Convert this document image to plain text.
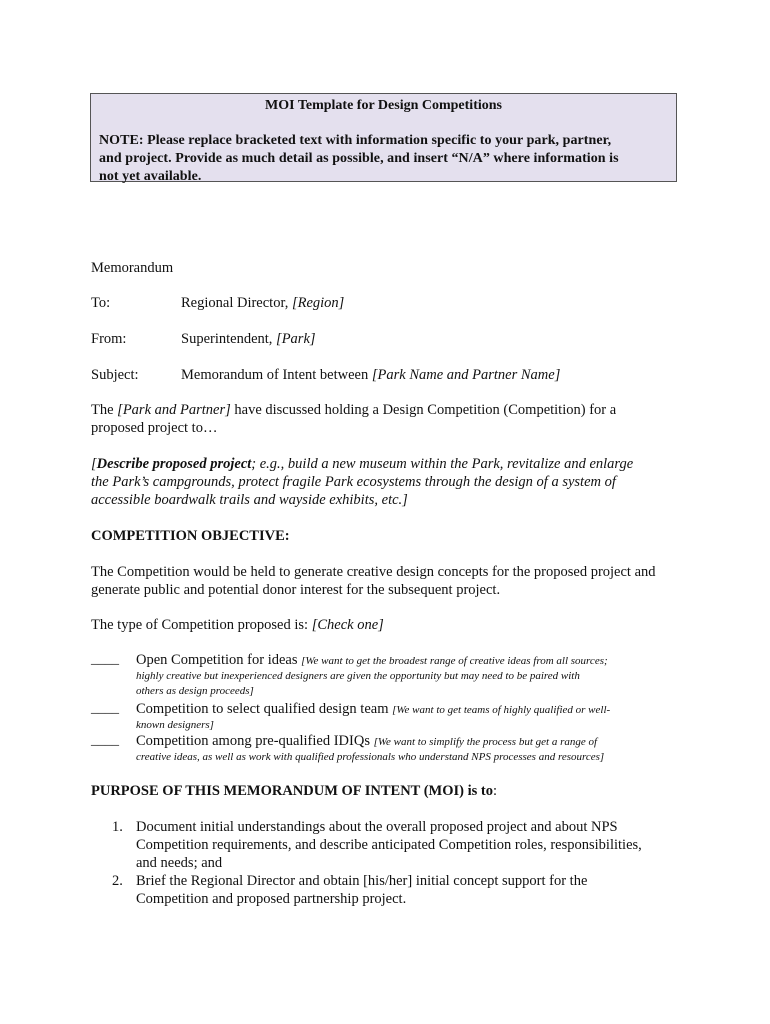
MOI Template for Design Competitions
NOTE: Please replace bracketed text with information specific to your park, partner,
and project. Provide as much detail as possible, and insert “N/A” where information is
not yet available.
Memorandum
To:	Regional Director, [Region]
From:	Superintendent, [Park]
Subject:	Memorandum of Intent between [Park Name and Partner Name]
The [Park and Partner] have discussed holding a Design Competition (Competition) for a
proposed project to…
[Describe proposed project; e.g., build a new museum within the Park, revitalize and enlarge
the Park’s campgrounds, protect fragile Park ecosystems through the design of a system of
accessible boardwalk trails and wayside exhibits, etc.]
COMPETITION OBJECTIVE:
The Competition would be held to generate creative design concepts for the proposed project and
generate public and potential donor interest for the subsequent project.
The type of Competition proposed is: [Check one]
____ Open Competition for ideas [We want to get the broadest range of creative ideas from all sources;
highly creative but inexperienced designers are given the opportunity but may need to be paired with
others as design proceeds]
____ Competition to select qualified design team [We want to get teams of highly qualified or well-
known designers]
____ Competition among pre-qualified IDIQs [We want to simplify the process but get a range of
creative ideas, as well as work with qualified professionals who understand NPS processes and resources]
PURPOSE OF THIS MEMORANDUM OF INTENT (MOI) is to:
1. Document initial understandings about the overall proposed project and about NPS
Competition requirements, and describe anticipated Competition roles, responsibilities,
and needs; and
2. Brief the Regional Director and obtain [his/her] initial concept support for the
Competition and proposed partnership project.
